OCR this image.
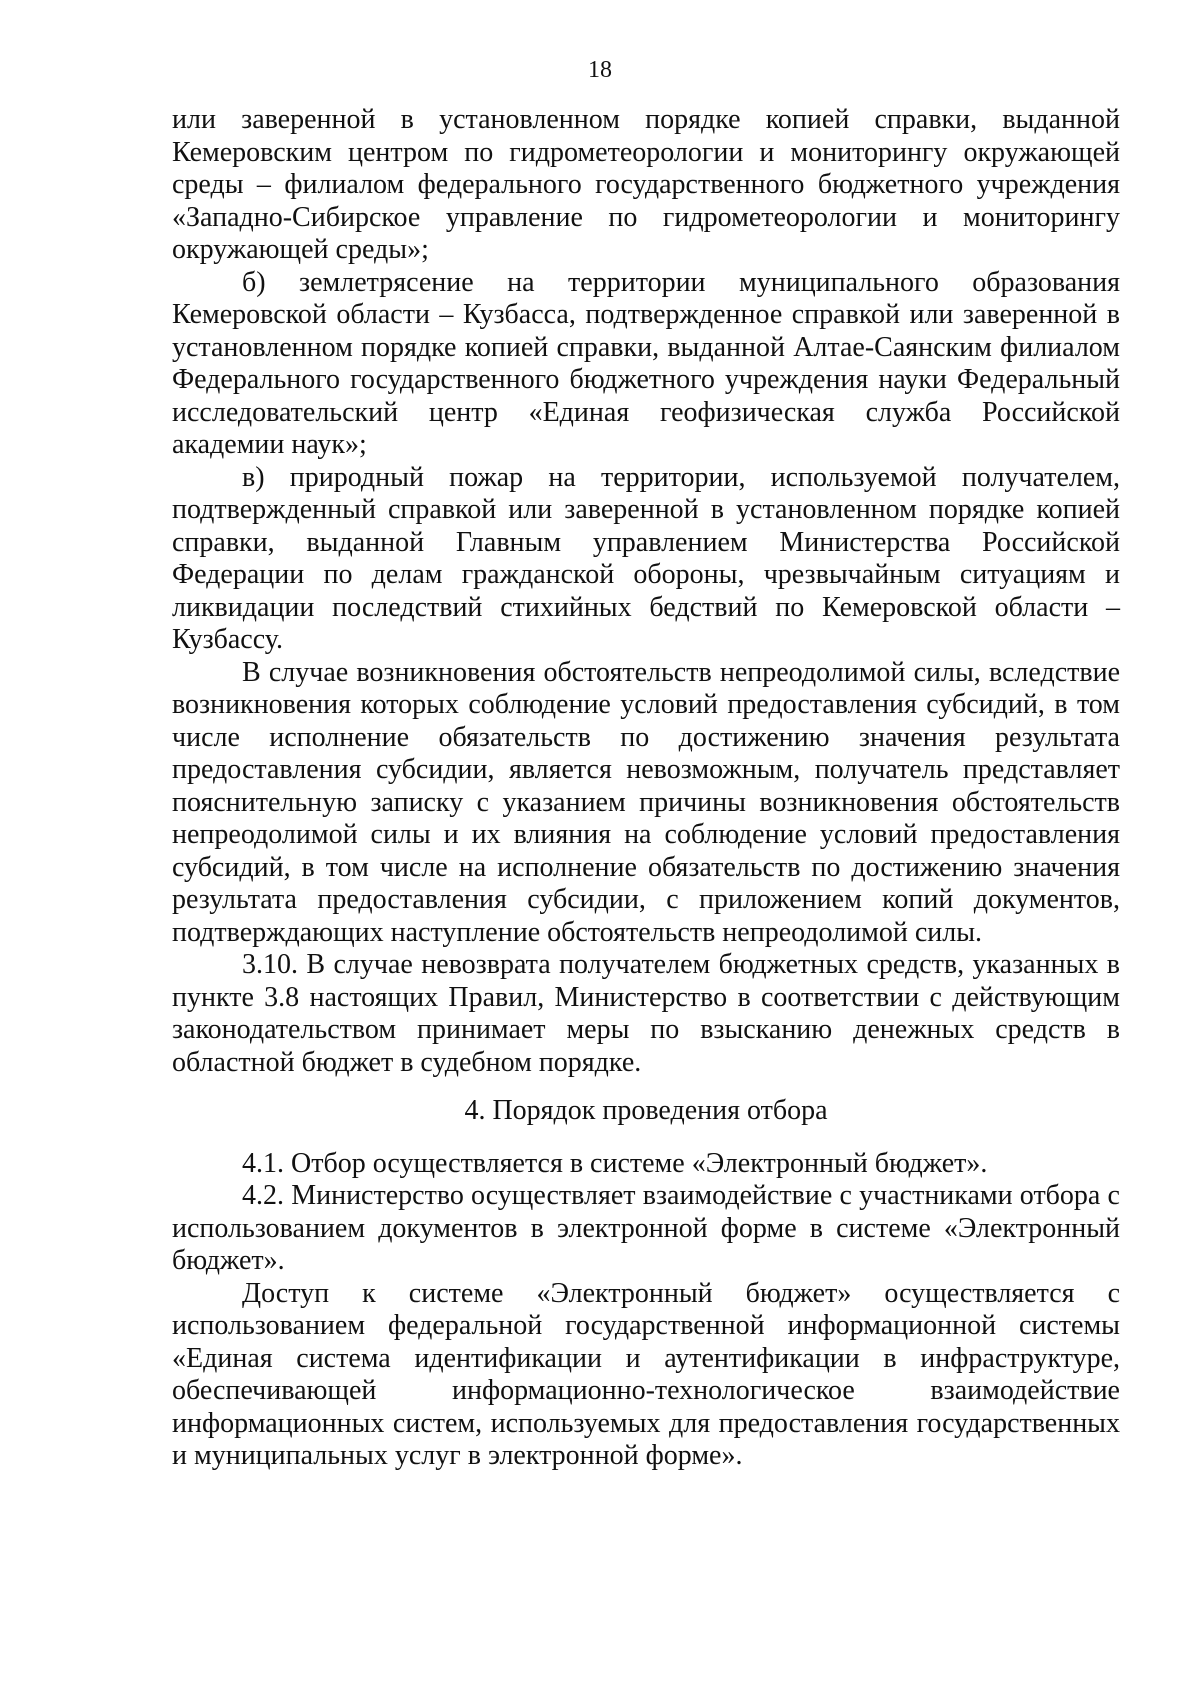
18

или заверенной в установленном порядке копией справки, выданной Кемеровским центром по гидрометеорологии и мониторингу окружающей среды – филиалом федерального государственного бюджетного учреждения «Западно-Сибирское управление по гидрометеорологии и мониторингу окружающей среды»;

б) землетрясение на территории муниципального образования Кемеровской области – Кузбасса, подтвержденное справкой или заверенной в установленном порядке копией справки, выданной Алтае-Саянским филиалом Федерального государственного бюджетного учреждения науки Федеральный исследовательский центр «Единая геофизическая служба Российской академии наук»;

в) природный пожар на территории, используемой получателем, подтвержденный справкой или заверенной в установленном порядке копией справки, выданной Главным управлением Министерства Российской Федерации по делам гражданской обороны, чрезвычайным ситуациям и ликвидации последствий стихийных бедствий по Кемеровской области – Кузбассу.

В случае возникновения обстоятельств непреодолимой силы, вследствие возникновения которых соблюдение условий предоставления субсидий, в том числе исполнение обязательств по достижению значения результата предоставления субсидии, является невозможным, получатель представляет пояснительную записку с указанием причины возникновения обстоятельств непреодолимой силы и их влияния на соблюдение условий предоставления субсидий, в том числе на исполнение обязательств по достижению значения результата предоставления субсидии, с приложением копий документов, подтверждающих наступление обстоятельств непреодолимой силы.

3.10. В случае невозврата получателем бюджетных средств, указанных в пункте 3.8 настоящих Правил, Министерство в соответствии с действующим законодательством принимает меры по взысканию денежных средств в областной бюджет в судебном порядке.

4. Порядок проведения отбора

4.1. Отбор осуществляется в системе «Электронный бюджет».

4.2. Министерство осуществляет взаимодействие с участниками отбора с использованием документов в электронной форме в системе «Электронный бюджет».

Доступ к системе «Электронный бюджет» осуществляется с использованием федеральной государственной информационной системы «Единая система идентификации и аутентификации в инфраструктуре, обеспечивающей информационно-технологическое взаимодействие информационных систем, используемых для предоставления государственных и муниципальных услуг в электронной форме».
